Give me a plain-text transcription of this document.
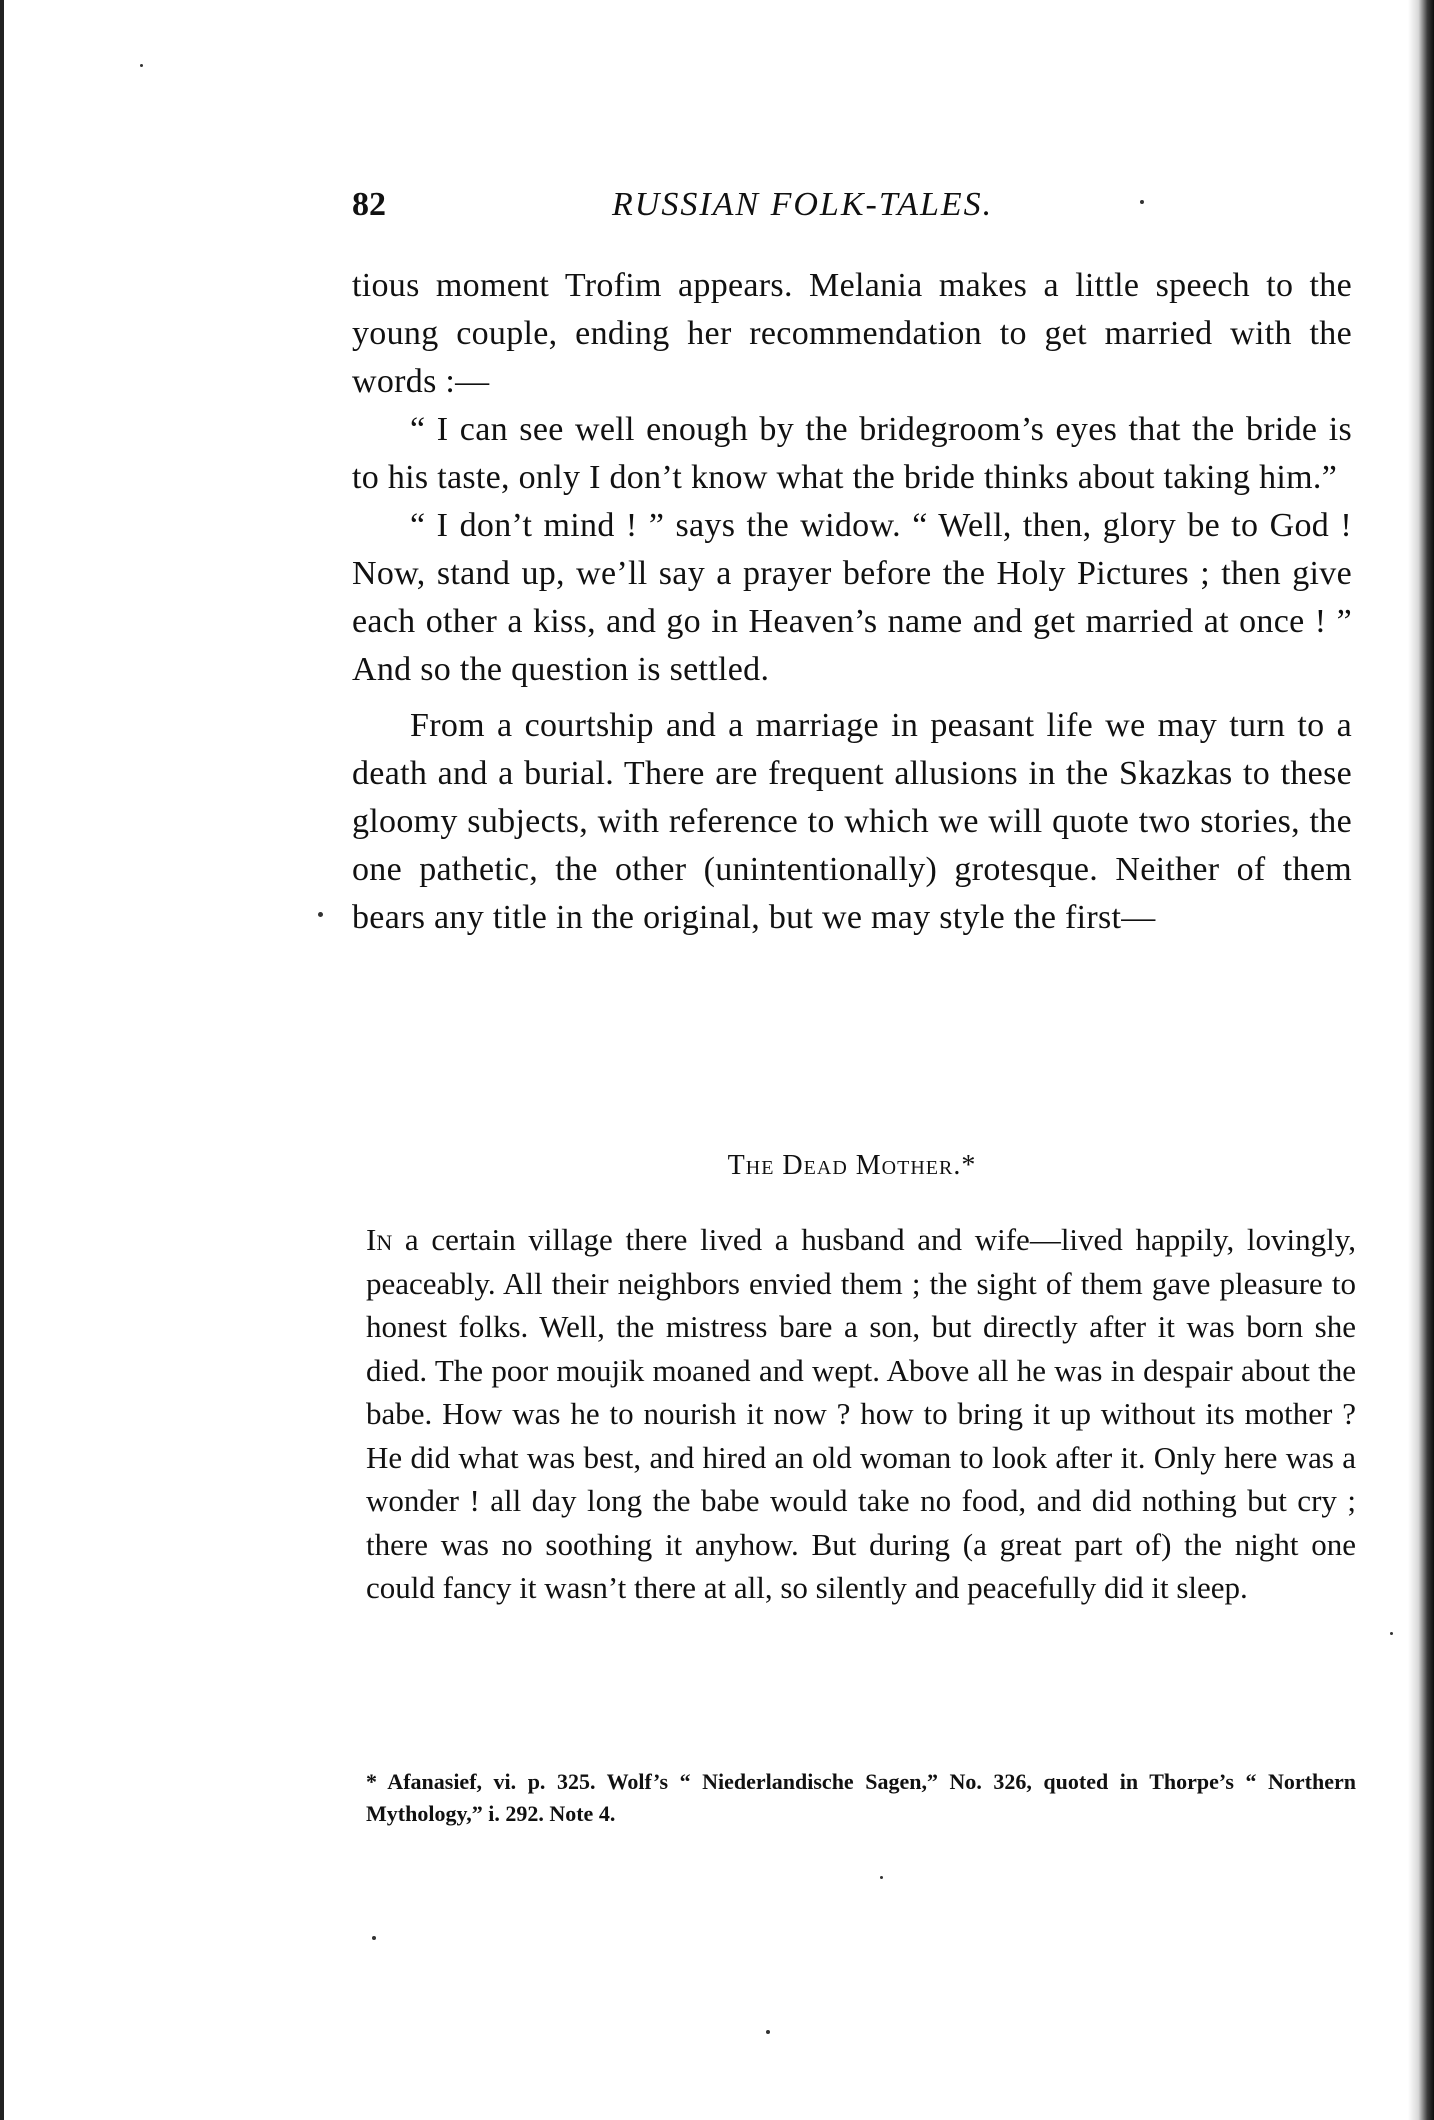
82	RUSSIAN FOLK-TALES.

tious moment Trofim appears. Melania makes a little speech to the young couple, ending her recommendation to get married with the words :—

“ I can see well enough by the bridegroom’s eyes that the bride is to his taste, only I don’t know what the bride thinks about taking him.”

“ I don’t mind ! ” says the widow. “ Well, then, glory be to God ! Now, stand up, we’ll say a prayer before the Holy Pictures ; then give each other a kiss, and go in Heaven’s name and get married at once ! ” And so the question is settled.

From a courtship and a marriage in peasant life we may turn to a death and a burial. There are frequent allusions in the Skazkas to these gloomy subjects, with reference to which we will quote two stories, the one pathetic, the other (unintentionally) grotesque. Neither of them bears any title in the original, but we may style the first—

The Dead Mother.*

In a certain village there lived a husband and wife—lived happily, lovingly, peaceably. All their neighbors envied them ; the sight of them gave pleasure to honest folks. Well, the mistress bare a son, but directly after it was born she died. The poor moujik moaned and wept. Above all he was in despair about the babe. How was he to nourish it now ? how to bring it up without its mother ? He did what was best, and hired an old woman to look after it. Only here was a wonder ! all day long the babe would take no food, and did nothing but cry ; there was no soothing it anyhow. But during (a great part of) the night one could fancy it wasn’t there at all, so silently and peacefully did it sleep.

* Afanasief, vi. p. 325. Wolf’s “ Niederlandische Sagen,” No. 326, quoted in Thorpe’s “ Northern Mythology,” i. 292. Note 4.
